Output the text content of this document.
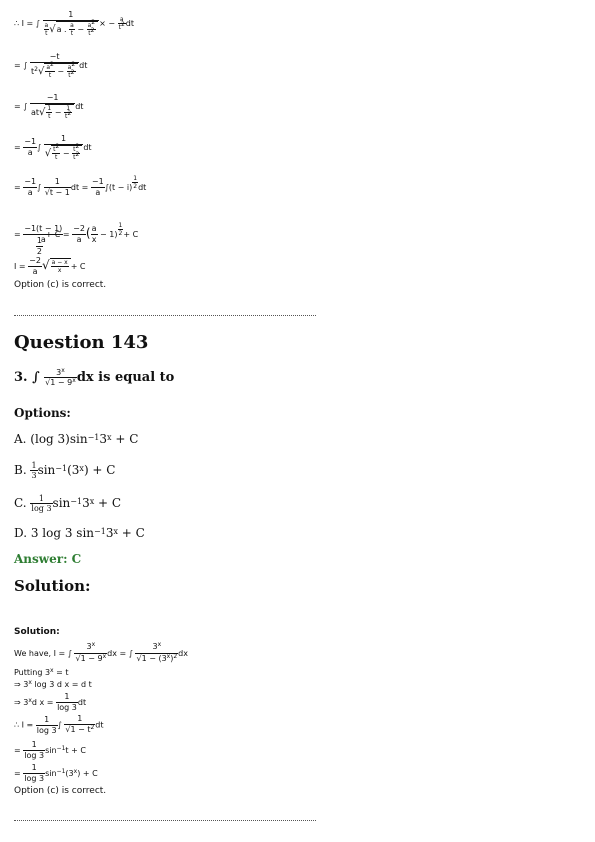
∴ I = ∫ $\frac{1}{\frac{a}{t} √a . \frac{a}{t} - \frac{a2}{t2}}$ × − $\frac{a}{t2}$ dt
= ∫ $\frac{-t}{t^2√ \frac{a2}{t} - \frac{a2}{t2}}$ dt
= ∫ $\frac{-1}{at√ \frac{1}{t} - \frac{1}{t2}}$ dt
= $\frac{-1}{a}$ ∫ $\frac{1}{√ \frac{t2}{t} - \frac{t2}{t2}}$ dt
= $\frac{-1}{a}$ ∫ $\frac{1}{√t - 1}$ dt = $\frac{-1}{a} \int(t - i) \frac{1}{2}$ dt
= $\frac{-1(t - 1)}{a}$

$\frac{1}{2}$
+ $C = \frac{-2}{a}$ ( $\frac{a}{x} - 1) \frac{1}{2} + C$
$I = \frac{-2}{a}$ √ $\frac{a - x}{x} + C$
Option (c) is correct.
Question 143
3. ∫ $\frac{3^x}{√1 - 9^x}$ dx is equal to
Options:
A. (log $3)\sin^{-1}3^x + C$
B. $\frac{1}{3} \sin^{-1}(3^x) + C$
C. $\frac{1}{\log 3} \sin^{-1}3^x + C$
D. 3 log 3 $\sin^{-1}3^x + C$
Answer: C
Solution:
Solution:
We have, I = ∫ $\frac{3^x}{√1 - 9^x}$ dx = ∫ $\frac{3^x}{√1 - (3^x)^2}$ dx
Putting $3^x = t$
⇒ 3$^x$ log 3 d x = d t
⇒ 3$^x$d $x = \frac{1}{\log 3}$ dt
∴ $I = \frac{1}{\log 3}$ ∫ $\frac{1}{√1 - t^2}$ dt
= $\frac{1}{\log 3} \sin^{-1}t + C$
= $\frac{1}{\log 3} \sin^{-1}(3^x) + C$
Option (c) is correct.
